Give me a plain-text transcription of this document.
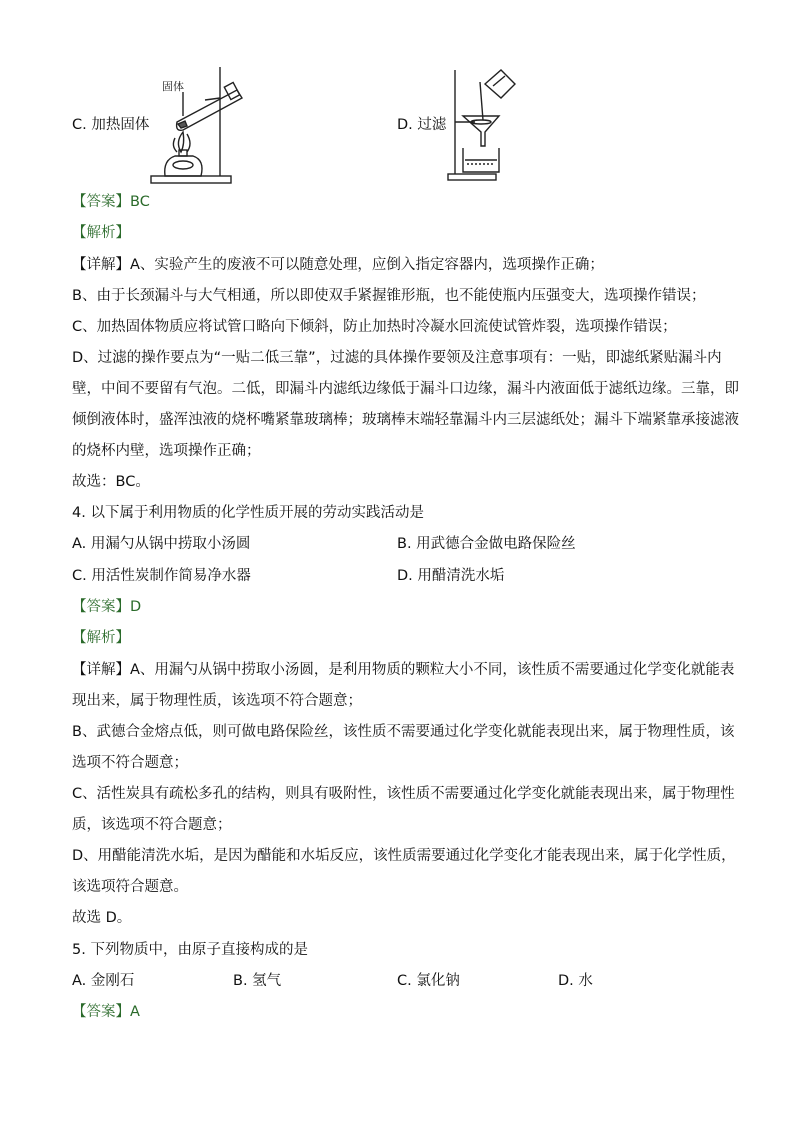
固体
C. 加热固体	D. 过滤
【答案】BC
【解析】
【详解】A、实验产生的废液不可以随意处理，应倒入指定容器内，选项操作正确；
B、由于长颈漏斗与大气相通，所以即使双手紧握锥形瓶，也不能使瓶内压强变大，选项操作错误；
C、加热固体物质应将试管口略向下倾斜，防止加热时冷凝水回流使试管炸裂，选项操作错误；
D、过滤的操作要点为“一贴二低三靠”，过滤的具体操作要领及注意事项有：一贴，即滤纸紧贴漏斗内
壁，中间不要留有气泡。二低，即漏斗内滤纸边缘低于漏斗口边缘，漏斗内液面低于滤纸边缘。三靠，即
倾倒液体时，盛浑浊液的烧杯嘴紧靠玻璃棒；玻璃棒末端轻靠漏斗内三层滤纸处；漏斗下端紧靠承接滤液
的烧杯内壁，选项操作正确；
故选：BC。
4. 以下属于利用物质的化学性质开展的劳动实践活动是
A. 用漏勺从锅中捞取小汤圆	B. 用武德合金做电路保险丝
C. 用活性炭制作简易净水器	D. 用醋清洗水垢
【答案】D
【解析】
【详解】A、用漏勺从锅中捞取小汤圆，是利用物质的颗粒大小不同，该性质不需要通过化学变化就能表
现出来，属于物理性质，该选项不符合题意；
B、武德合金熔点低，则可做电路保险丝，该性质不需要通过化学变化就能表现出来，属于物理性质，该
选项不符合题意；
C、活性炭具有疏松多孔的结构，则具有吸附性，该性质不需要通过化学变化就能表现出来，属于物理性
质，该选项不符合题意；
D、用醋能清洗水垢，是因为醋能和水垢反应，该性质需要通过化学变化才能表现出来，属于化学性质，
该选项符合题意。
故选 D。
5. 下列物质中，由原子直接构成的是
A. 金刚石	B. 氢气	C. 氯化钠	D. 水
【答案】A
